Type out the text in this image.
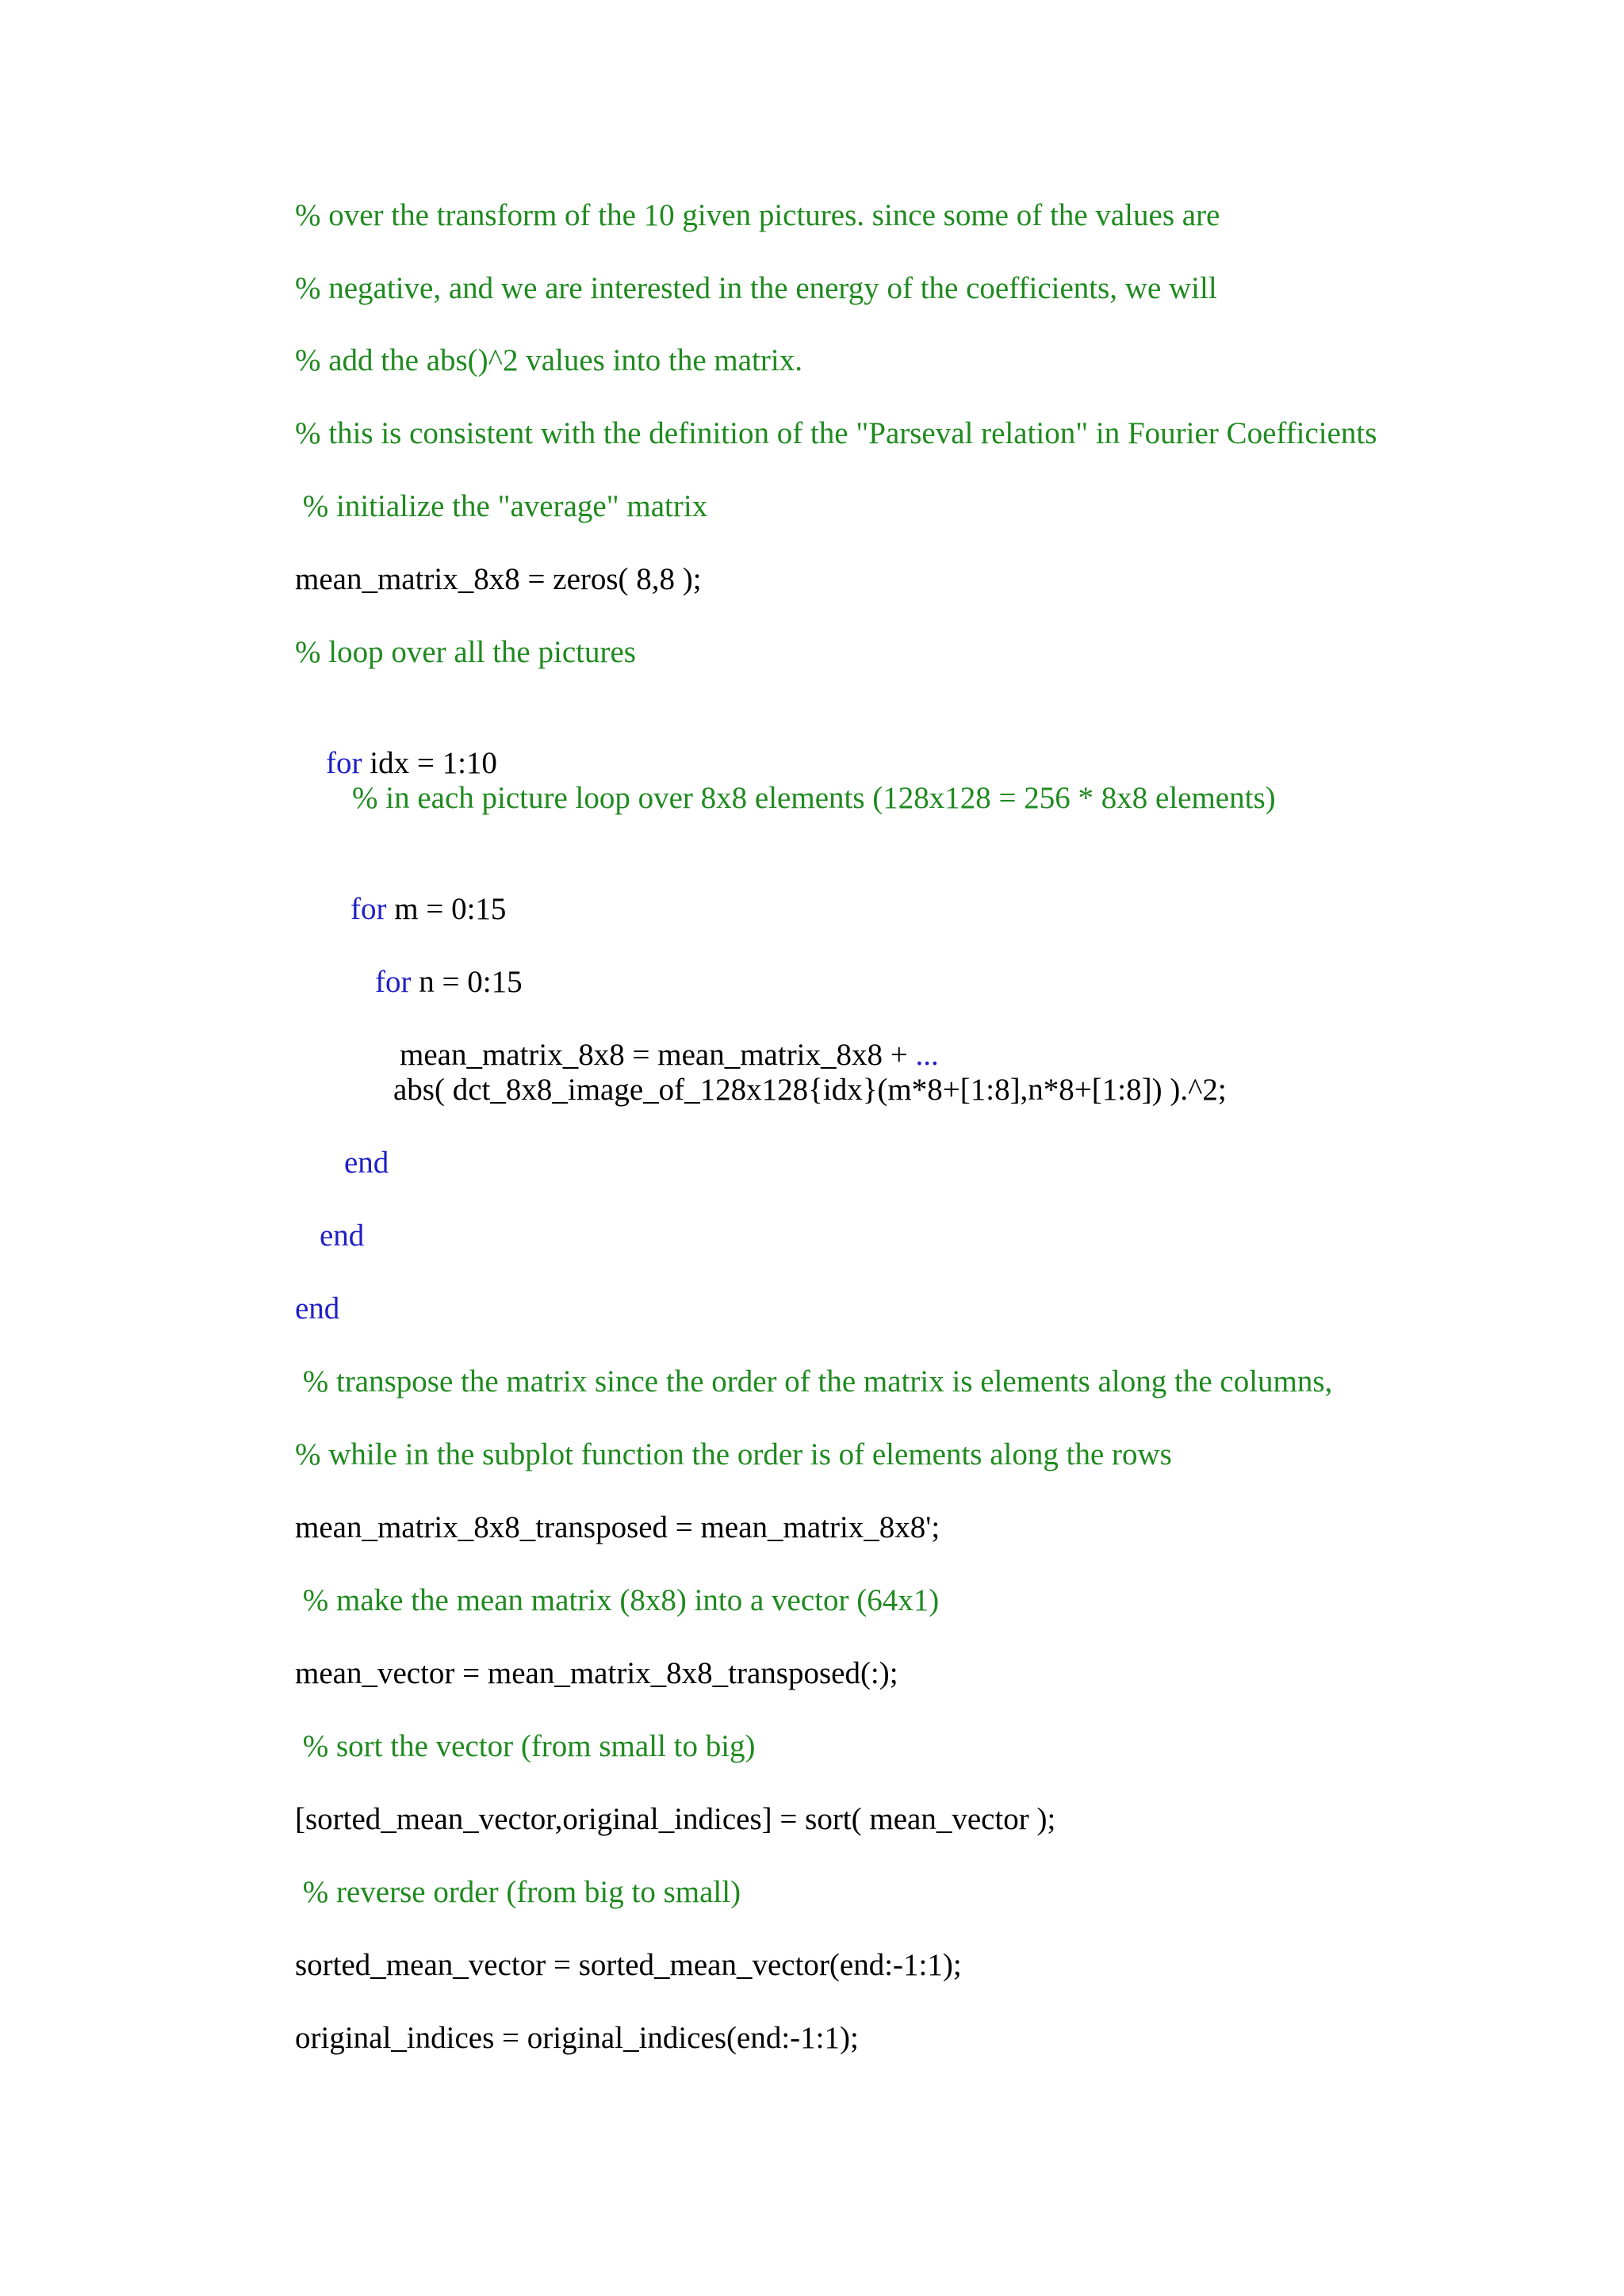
% over the transform of the 10 given pictures. since some of the values are
% negative, and we are interested in the energy of the coefficients, we will
% add the abs()^2 values into the matrix.
% this is consistent with the definition of the "Parseval relation" in Fourier Coefficients
% initialize the "average" matrix
mean_matrix_8x8 = zeros( 8,8 );
% loop over all the pictures

for idx = 1:10

% in each picture loop over 8x8 elements (128x128 = 256 * 8x8 elements)

for m = 0:15

for n = 0:15

mean_matrix_8x8 = mean_matrix_8x8 + ...

abs( dct_8x8_image_of_128x128{idx}(m*8+[1:8],n*8+[1:8]) ).^2;
end
end
end
% transpose the matrix since the order of the matrix is elements along the columns,
% while in the subplot function the order is of elements along the rows
mean_matrix_8x8_transposed = mean_matrix_8x8';
% make the mean matrix (8x8) into a vector (64x1)
mean_vector = mean_matrix_8x8_transposed(:);
% sort the vector (from small to big)
[sorted_mean_vector,original_indices] = sort( mean_vector );
% reverse order (from big to small)
sorted_mean_vector = sorted_mean_vector(end:-1:1);
original_indices = original_indices(end:-1:1);
